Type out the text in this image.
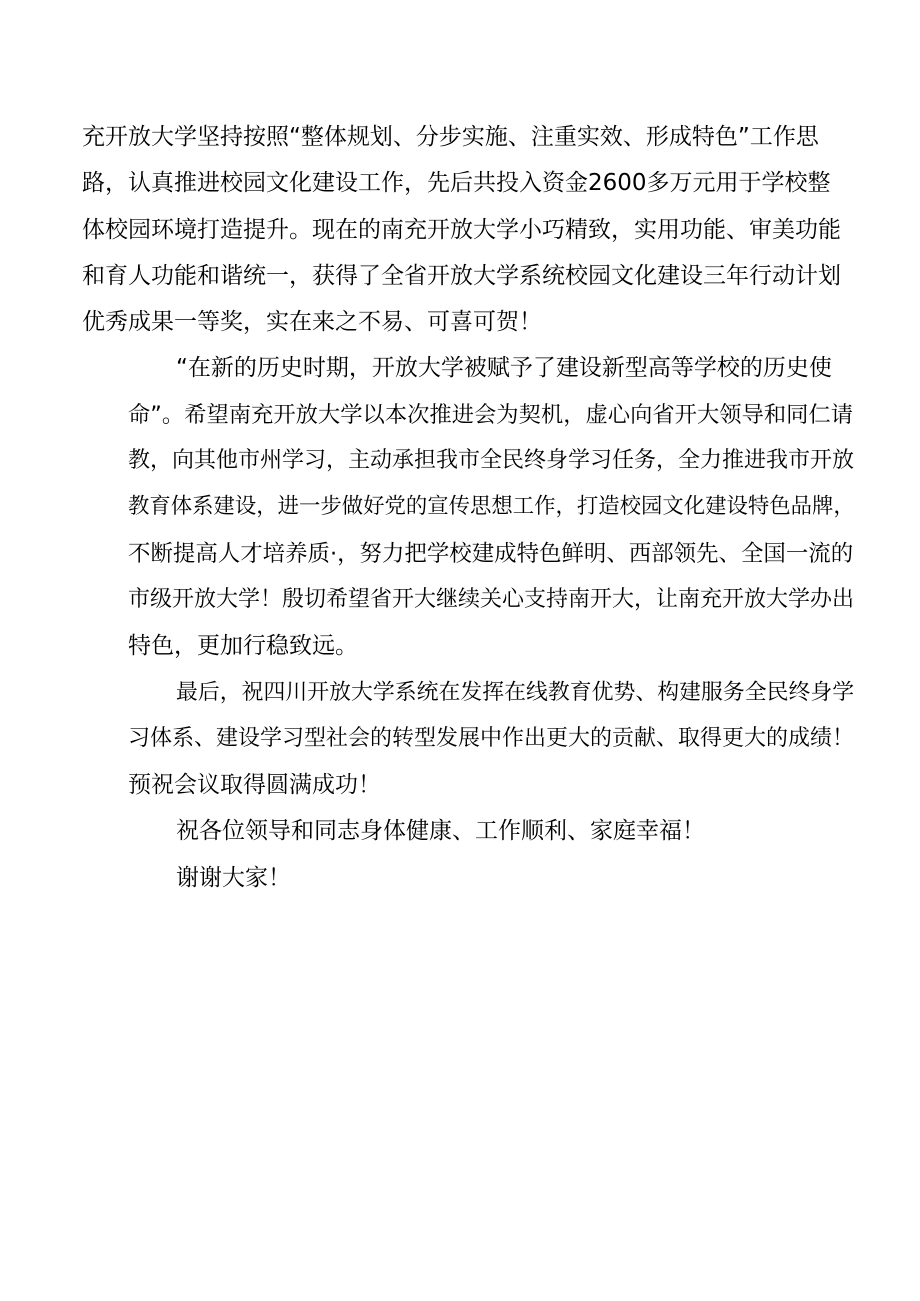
充开放大学坚持按照“整体规划、分步实施、注重实效、形成特色”工作思
路，认真推进校园文化建设工作，先后共投入资金2600多万元用于学校整
体校园环境打造提升。现在的南充开放大学小巧精致，实用功能、审美功能
和育人功能和谐统一，获得了全省开放大学系统校园文化建设三年行动计划
优秀成果一等奖，实在来之不易、可喜可贺！
“在新的历史时期，开放大学被赋予了建设新型高等学校的历史使
命”。希望南充开放大学以本次推进会为契机，虚心向省开大领导和同仁请
教，向其他市州学习，主动承担我市全民终身学习任务，全力推进我市开放
教育体系建设，进一步做好党的宣传思想工作，打造校园文化建设特色品牌，
不断提高人才培养质·，努力把学校建成特色鲜明、西部领先、全国一流的
市级开放大学！殷切希望省开大继续关心支持南开大，让南充开放大学办出
特色，更加行稳致远。
最后，祝四川开放大学系统在发挥在线教育优势、构建服务全民终身学
习体系、建设学习型社会的转型发展中作出更大的贡献、取得更大的成绩！
预祝会议取得圆满成功！
祝各位领导和同志身体健康、工作顺利、家庭幸福！
谢谢大家！
